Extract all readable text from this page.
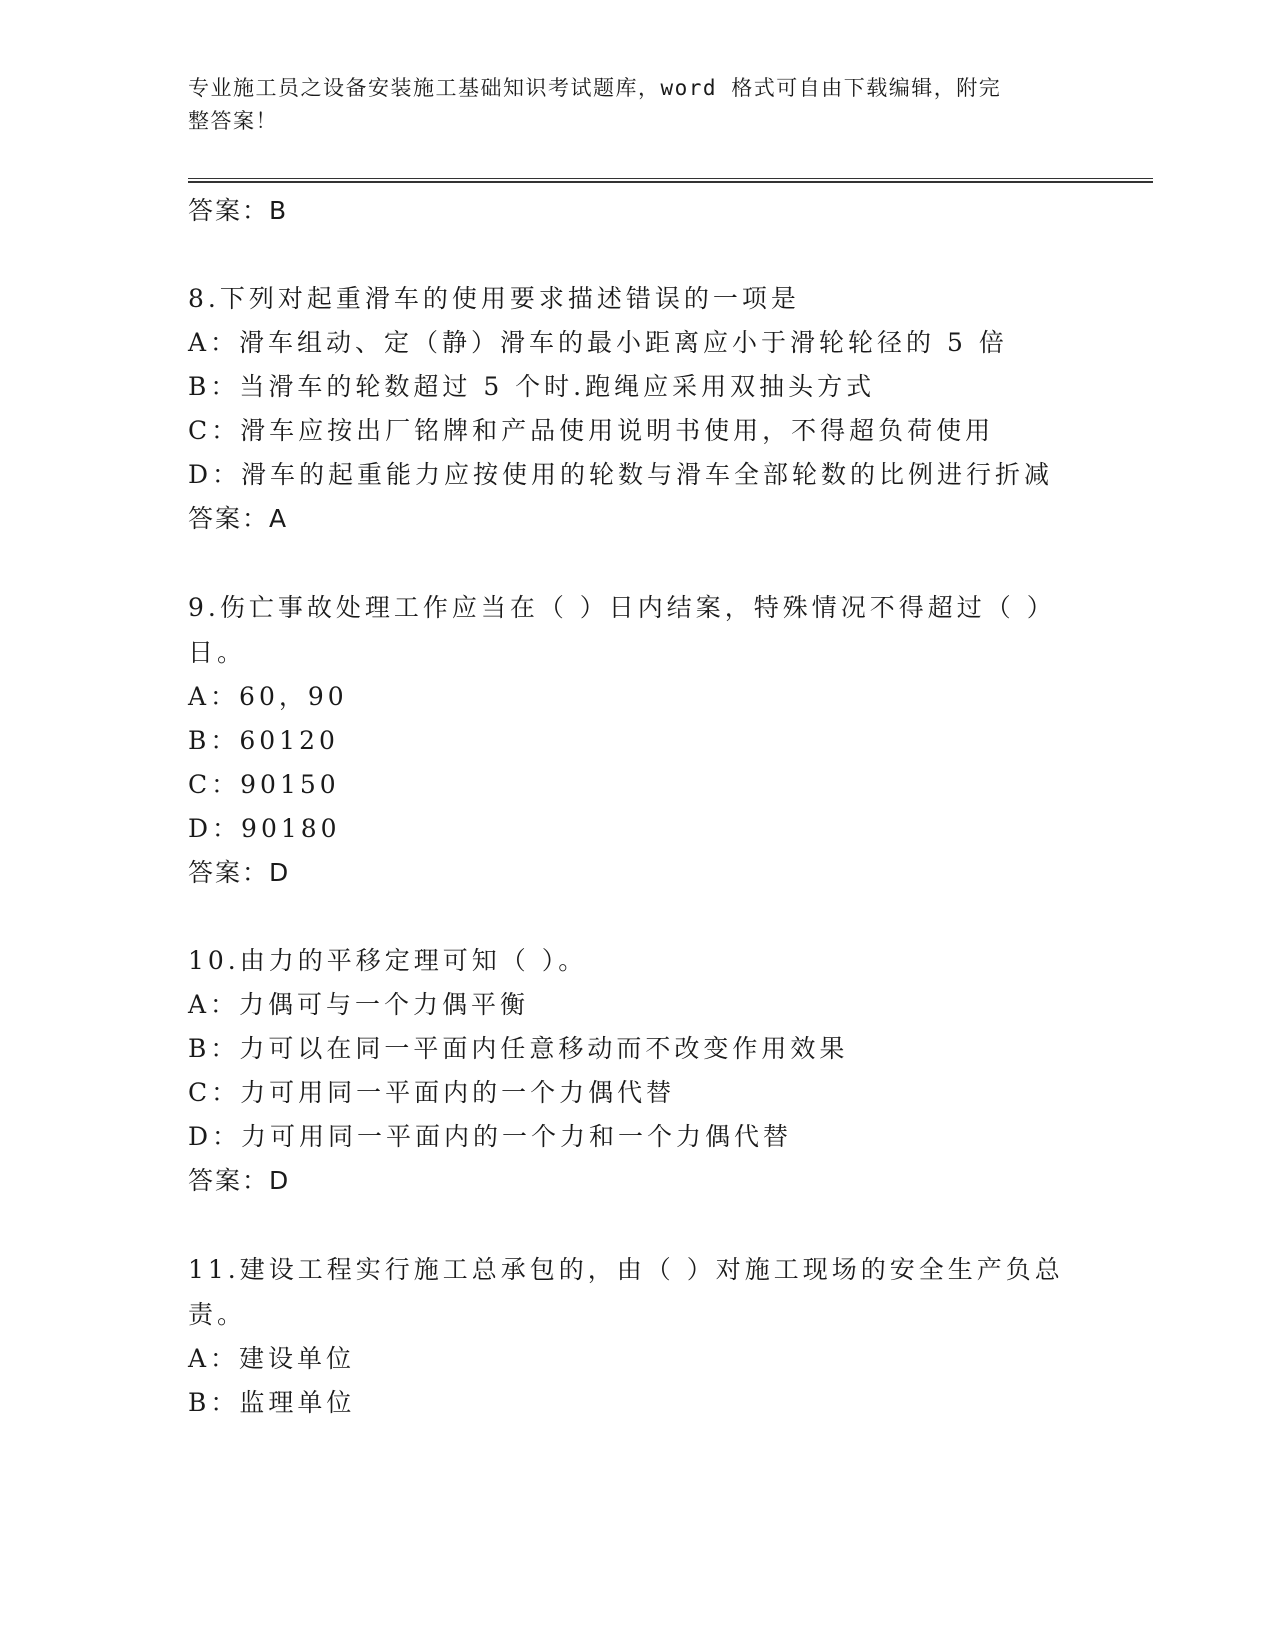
专业施工员之设备安装施工基础知识考试题库，word 格式可自由下载编辑，附完
整答案！
答案：B
8.下列对起重滑车的使用要求描述错误的一项是
A：滑车组动、定（静）滑车的最小距离应小于滑轮轮径的 5 倍
B：当滑车的轮数超过 5 个时.跑绳应采用双抽头方式
C：滑车应按出厂铭牌和产品使用说明书使用，不得超负荷使用
D：滑车的起重能力应按使用的轮数与滑车全部轮数的比例进行折减
答案：A
9.伤亡事故处理工作应当在（ ）日内结案，特殊情况不得超过（ ）日。
A：60，90
B：60120
C：90150
D：90180
答案：D
10.由力的平移定理可知（ ）。
A：力偶可与一个力偶平衡
B：力可以在同一平面内任意移动而不改变作用效果
C：力可用同一平面内的一个力偶代替
D：力可用同一平面内的一个力和一个力偶代替
答案：D
11.建设工程实行施工总承包的，由（ ）对施工现场的安全生产负总责。
A：建设单位
B：监理单位
